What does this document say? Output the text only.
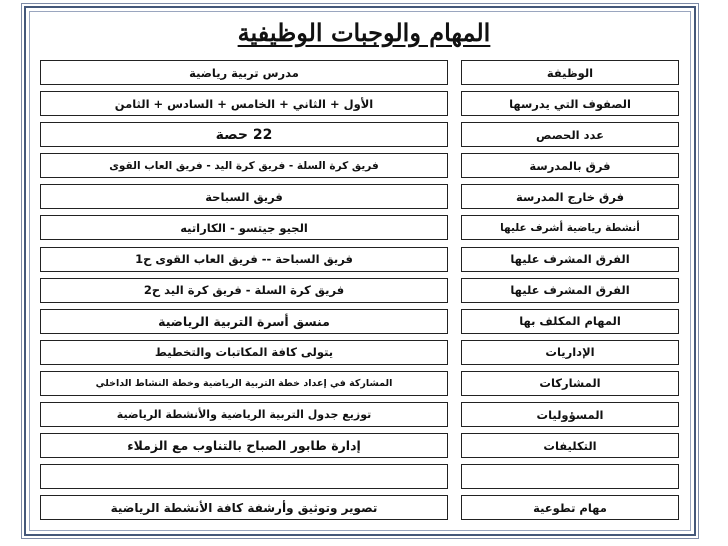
المهام والوجبات الوظيفية
مدرس تربية رياضية	الوظيفة
الأول + الثاني + الخامس + السادس + الثامن	الصفوف التي يدرسها
22 حصة	عدد الحصص
فريق كرة السلة - فريق كرة اليد - فريق العاب القوى	فرق بالمدرسة
فريق السباحة	فرق خارج المدرسة
الجيو جيتسو - الكاراتيه	أنشطة رياضية أشرف عليها
فريق السباحة -- فريق العاب القوى ح1	الفرق المشرف عليها
فريق كرة السلة - فريق كرة اليد ح2	الفرق المشرف عليها
منسق أسرة التربية الرياضية	المهام المكلف بها
يتولى كافة المكاتبات والتخطيط	الإداريات
المشاركة في إعداد خطة التربية الرياضية وخطة النشاط الداخلي	المشاركات
توزيع جدول التربية الرياضية والأنشطة الرياضية	المسؤوليات
إدارة طابور الصباح بالتناوب مع الزملاء	التكليفات
تصوير وتوثيق وأرشفة كافة الأنشطة الرياضية	مهام تطوعية
